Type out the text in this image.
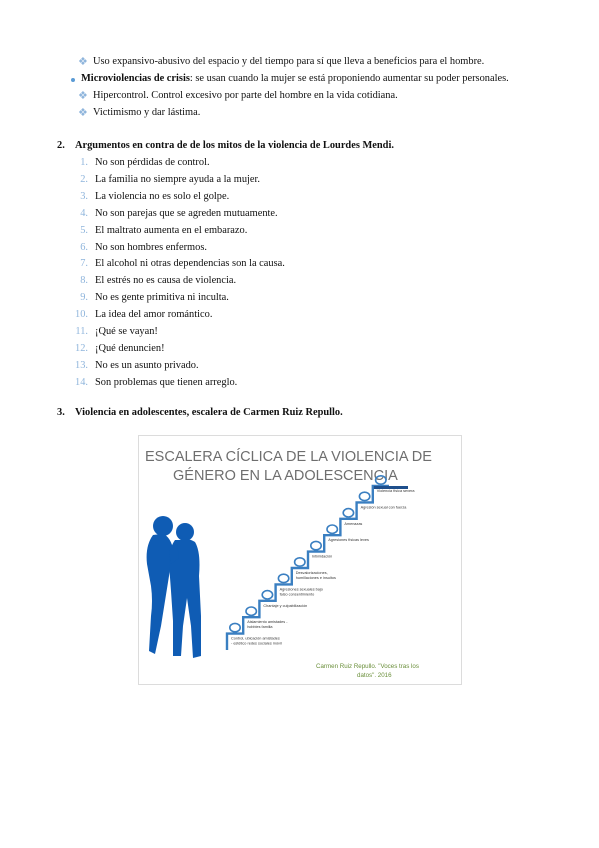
❖ Uso expansivo-abusivo del espacio y del tiempo para sí que lleva a beneficios para el hombre.
Microviolencias de crisis: se usan cuando la mujer se está proponiendo aumentar su poder personales.
❖ Hipercontrol. Control excesivo por parte del hombre en la vida cotidiana.
❖ Victimismo y dar lástima.
2. Argumentos en contra de de los mitos de la violencia de Lourdes Mendi.
1. No son pérdidas de control.
2. La familia no siempre ayuda a la mujer.
3. La violencia no es solo el golpe.
4. No son parejas que se agreden mutuamente.
5. El maltrato aumenta en el embarazo.
6. No son hombres enfermos.
7. El alcohol ni otras dependencias son la causa.
8. El estrés no es causa de violencia.
9. No es gente primitiva ni inculta.
10. La idea del amor romántico.
11. ¡Qué se vayan!
12. ¡Qué denuncien!
13. No es un asunto privado.
14. Son problemas que tienen arreglo.
3. Violencia en adolescentes, escalera de Carmen Ruiz Repullo.
ESCALERA CÍCLICA DE LA VIOLENCIA DE
GÉNERO EN LA ADOLESCENCIA
Control, ubicación amistades
- estético redes sociales móvil
Aislamiento amistades -
hobbies familia
Chantaje y culpabilización
Agresiones sexuales bajo
falso consentimiento
Desvalorizaciones,
humillaciones e insultos
Intimidación
Agresiones físicas leves
Amenazas
Agresión sexual con fuerza
Violencia física severa
Carmen Ruiz Repullo. "Voces tras los
datos". 2016
